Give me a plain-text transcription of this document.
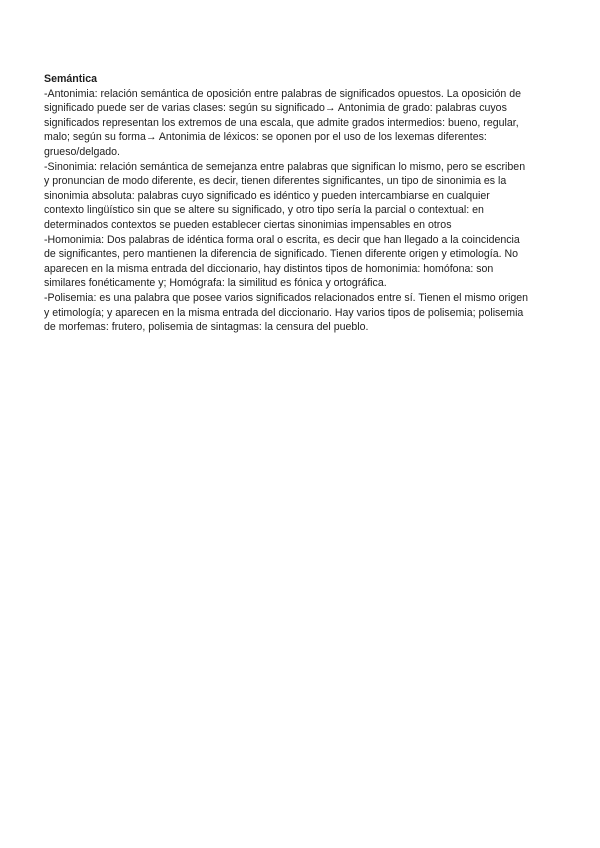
Semántica

-Antonimia: relación semántica de oposición entre palabras de significados opuestos. La oposición de significado puede ser de varias clases: según su significado→ Antonimia de grado: palabras cuyos significados representan los extremos de una escala, que admite grados intermedios: bueno, regular, malo; según su forma→ Antonimia de léxicos: se oponen por el uso de los lexemas diferentes: grueso/delgado.

-Sinonimia: relación semántica de semejanza entre palabras que significan lo mismo, pero se escriben y pronuncian de modo diferente, es decir, tienen diferentes significantes, un tipo de sinonimia es la sinonimia absoluta: palabras cuyo significado es idéntico y pueden intercambiarse en cualquier contexto lingüístico sin que se altere su significado, y otro tipo sería la parcial o contextual: en determinados contextos se pueden establecer ciertas sinonimias impensables en otros

-Homonimia: Dos palabras de idéntica forma oral o escrita, es decir que han llegado a la coincidencia de significantes, pero mantienen la diferencia de significado. Tienen diferente origen y etimología. No aparecen en la misma entrada del diccionario, hay distintos tipos de homonimia: homófona: son similares fonéticamente y; Homógrafa: la similitud es fónica y ortográfica.

-Polisemia: es una palabra que posee varios significados relacionados entre sí. Tienen el mismo origen y etimología; y aparecen en la misma entrada del diccionario. Hay varios tipos de polisemia; polisemia de morfemas: frutero, polisemia de sintagmas: la censura del pueblo.
